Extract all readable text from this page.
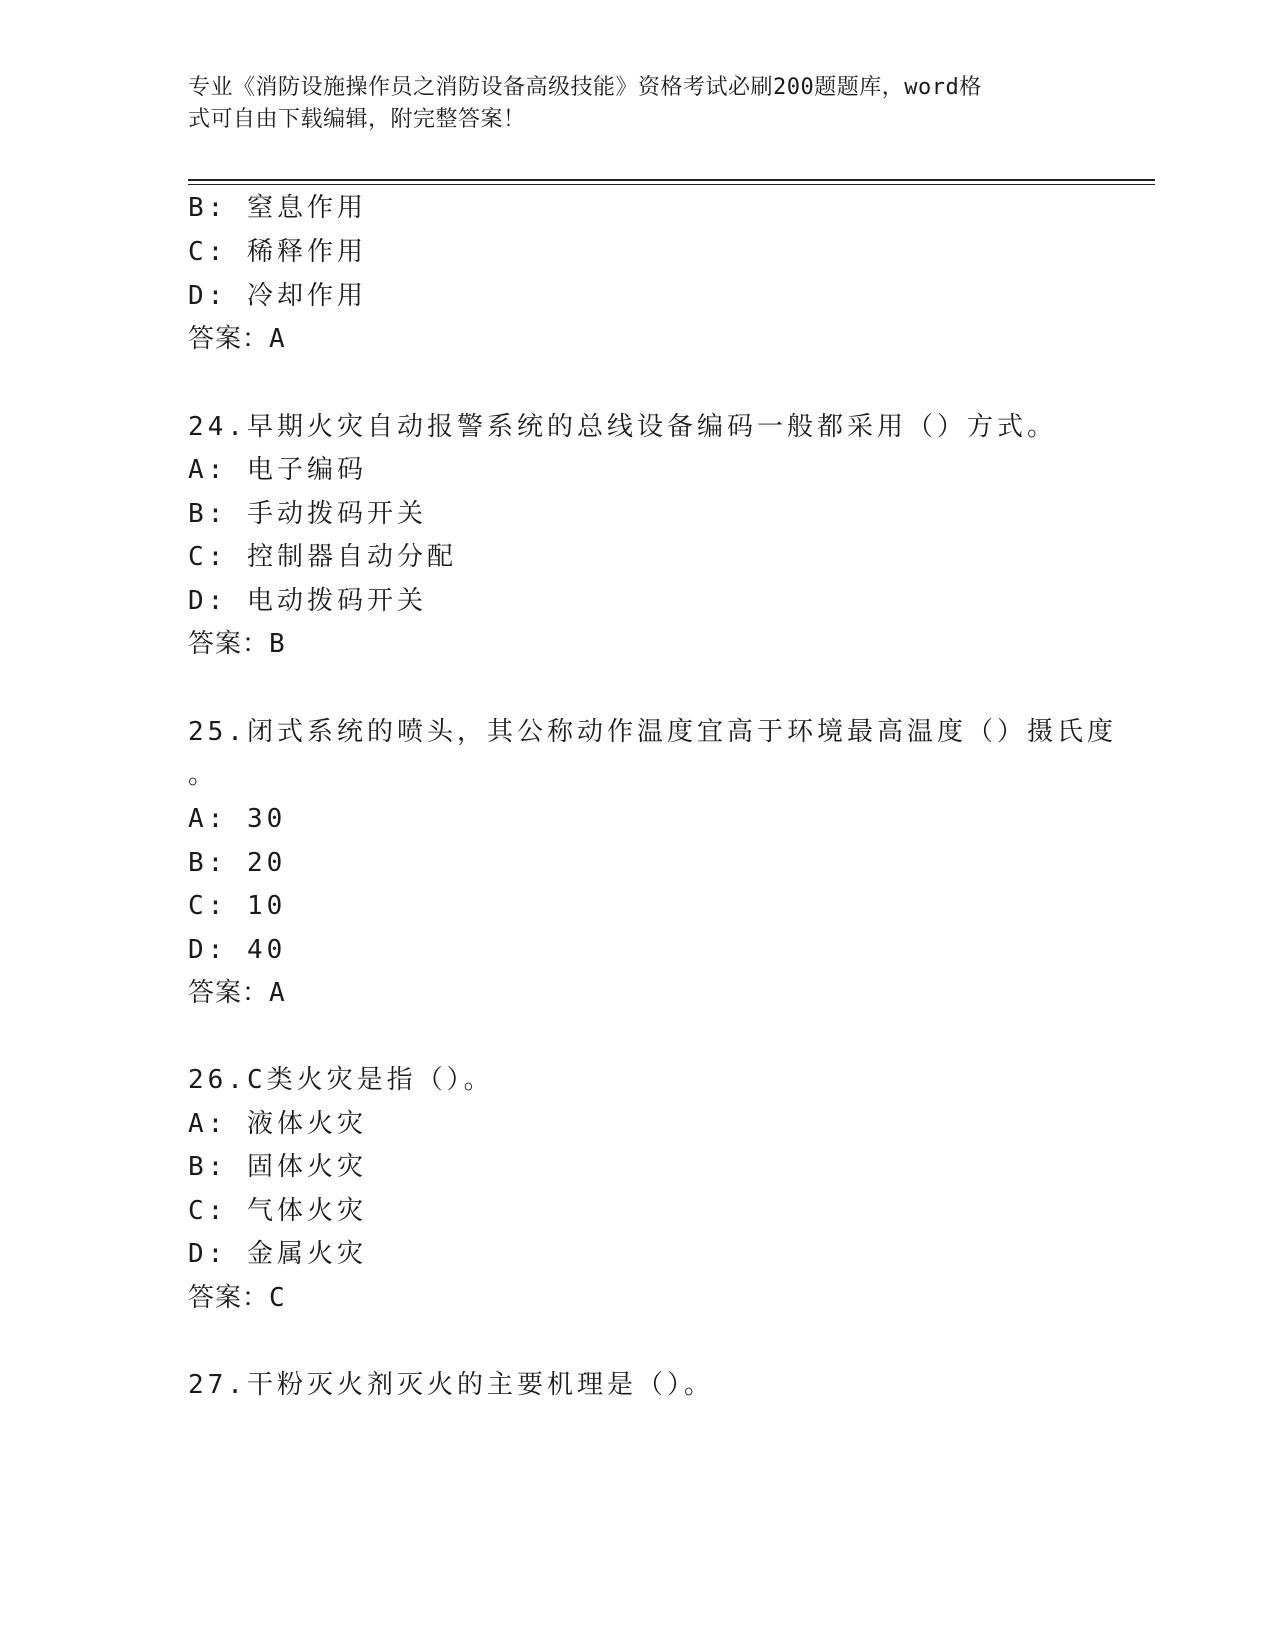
专业《消防设施操作员之消防设备高级技能》资格考试必刷200题题库，word格

式可自由下载编辑，附完整答案！

B: 窒息作用
C: 稀释作用
D: 冷却作用
答案：A
24.早期火灾自动报警系统的总线设备编码一般都采用（）方式。
A: 电子编码
B: 手动拨码开关
C: 控制器自动分配
D: 电动拨码开关
答案：B
25.闭式系统的喷头，其公称动作温度宜高于环境最高温度（）摄氏度
。
A: 30
B: 20
C: 10
D: 40
答案：A
26.C类火灾是指（）。
A: 液体火灾
B: 固体火灾
C: 气体火灾
D: 金属火灾
答案：C
27.干粉灭火剂灭火的主要机理是（）。
